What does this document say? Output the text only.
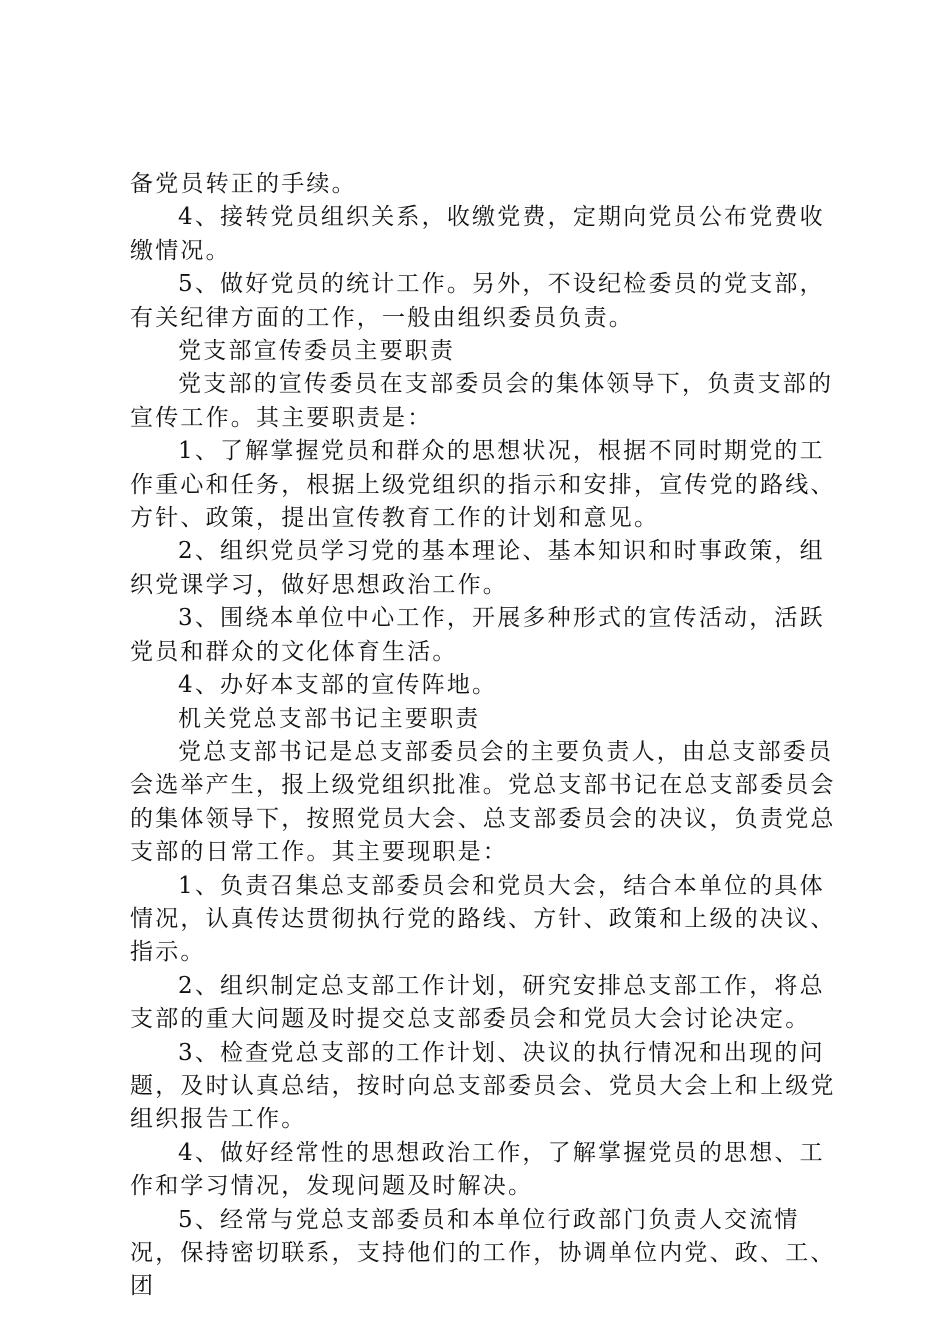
备党员转正的手续。

4、接转党员组织关系，收缴党费，定期向党员公布党费收缴情况。

5、做好党员的统计工作。另外，不设纪检委员的党支部，有关纪律方面的工作，一般由组织委员负责。

党支部宣传委员主要职责

党支部的宣传委员在支部委员会的集体领导下，负责支部的宣传工作。其主要职责是：

1、了解掌握党员和群众的思想状况，根据不同时期党的工作重心和任务，根据上级党组织的指示和安排，宣传党的路线、方针、政策，提出宣传教育工作的计划和意见。

2、组织党员学习党的基本理论、基本知识和时事政策，组织党课学习，做好思想政治工作。

3、围绕本单位中心工作，开展多种形式的宣传活动，活跃党员和群众的文化体育生活。

4、办好本支部的宣传阵地。

机关党总支部书记主要职责

党总支部书记是总支部委员会的主要负责人，由总支部委员会选举产生，报上级党组织批准。党总支部书记在总支部委员会的集体领导下，按照党员大会、总支部委员会的决议，负责党总支部的日常工作。其主要现职是：

1、负责召集总支部委员会和党员大会，结合本单位的具体情况，认真传达贯彻执行党的路线、方针、政策和上级的决议、指示。

2、组织制定总支部工作计划，研究安排总支部工作，将总支部的重大问题及时提交总支部委员会和党员大会讨论决定。

3、检查党总支部的工作计划、决议的执行情况和出现的问题，及时认真总结，按时向总支部委员会、党员大会上和上级党组织报告工作。

4、做好经常性的思想政治工作，了解掌握党员的思想、工作和学习情况，发现问题及时解决。

5、经常与党总支部委员和本单位行政部门负责人交流情况，保持密切联系，支持他们的工作，协调单位内党、政、工、团
